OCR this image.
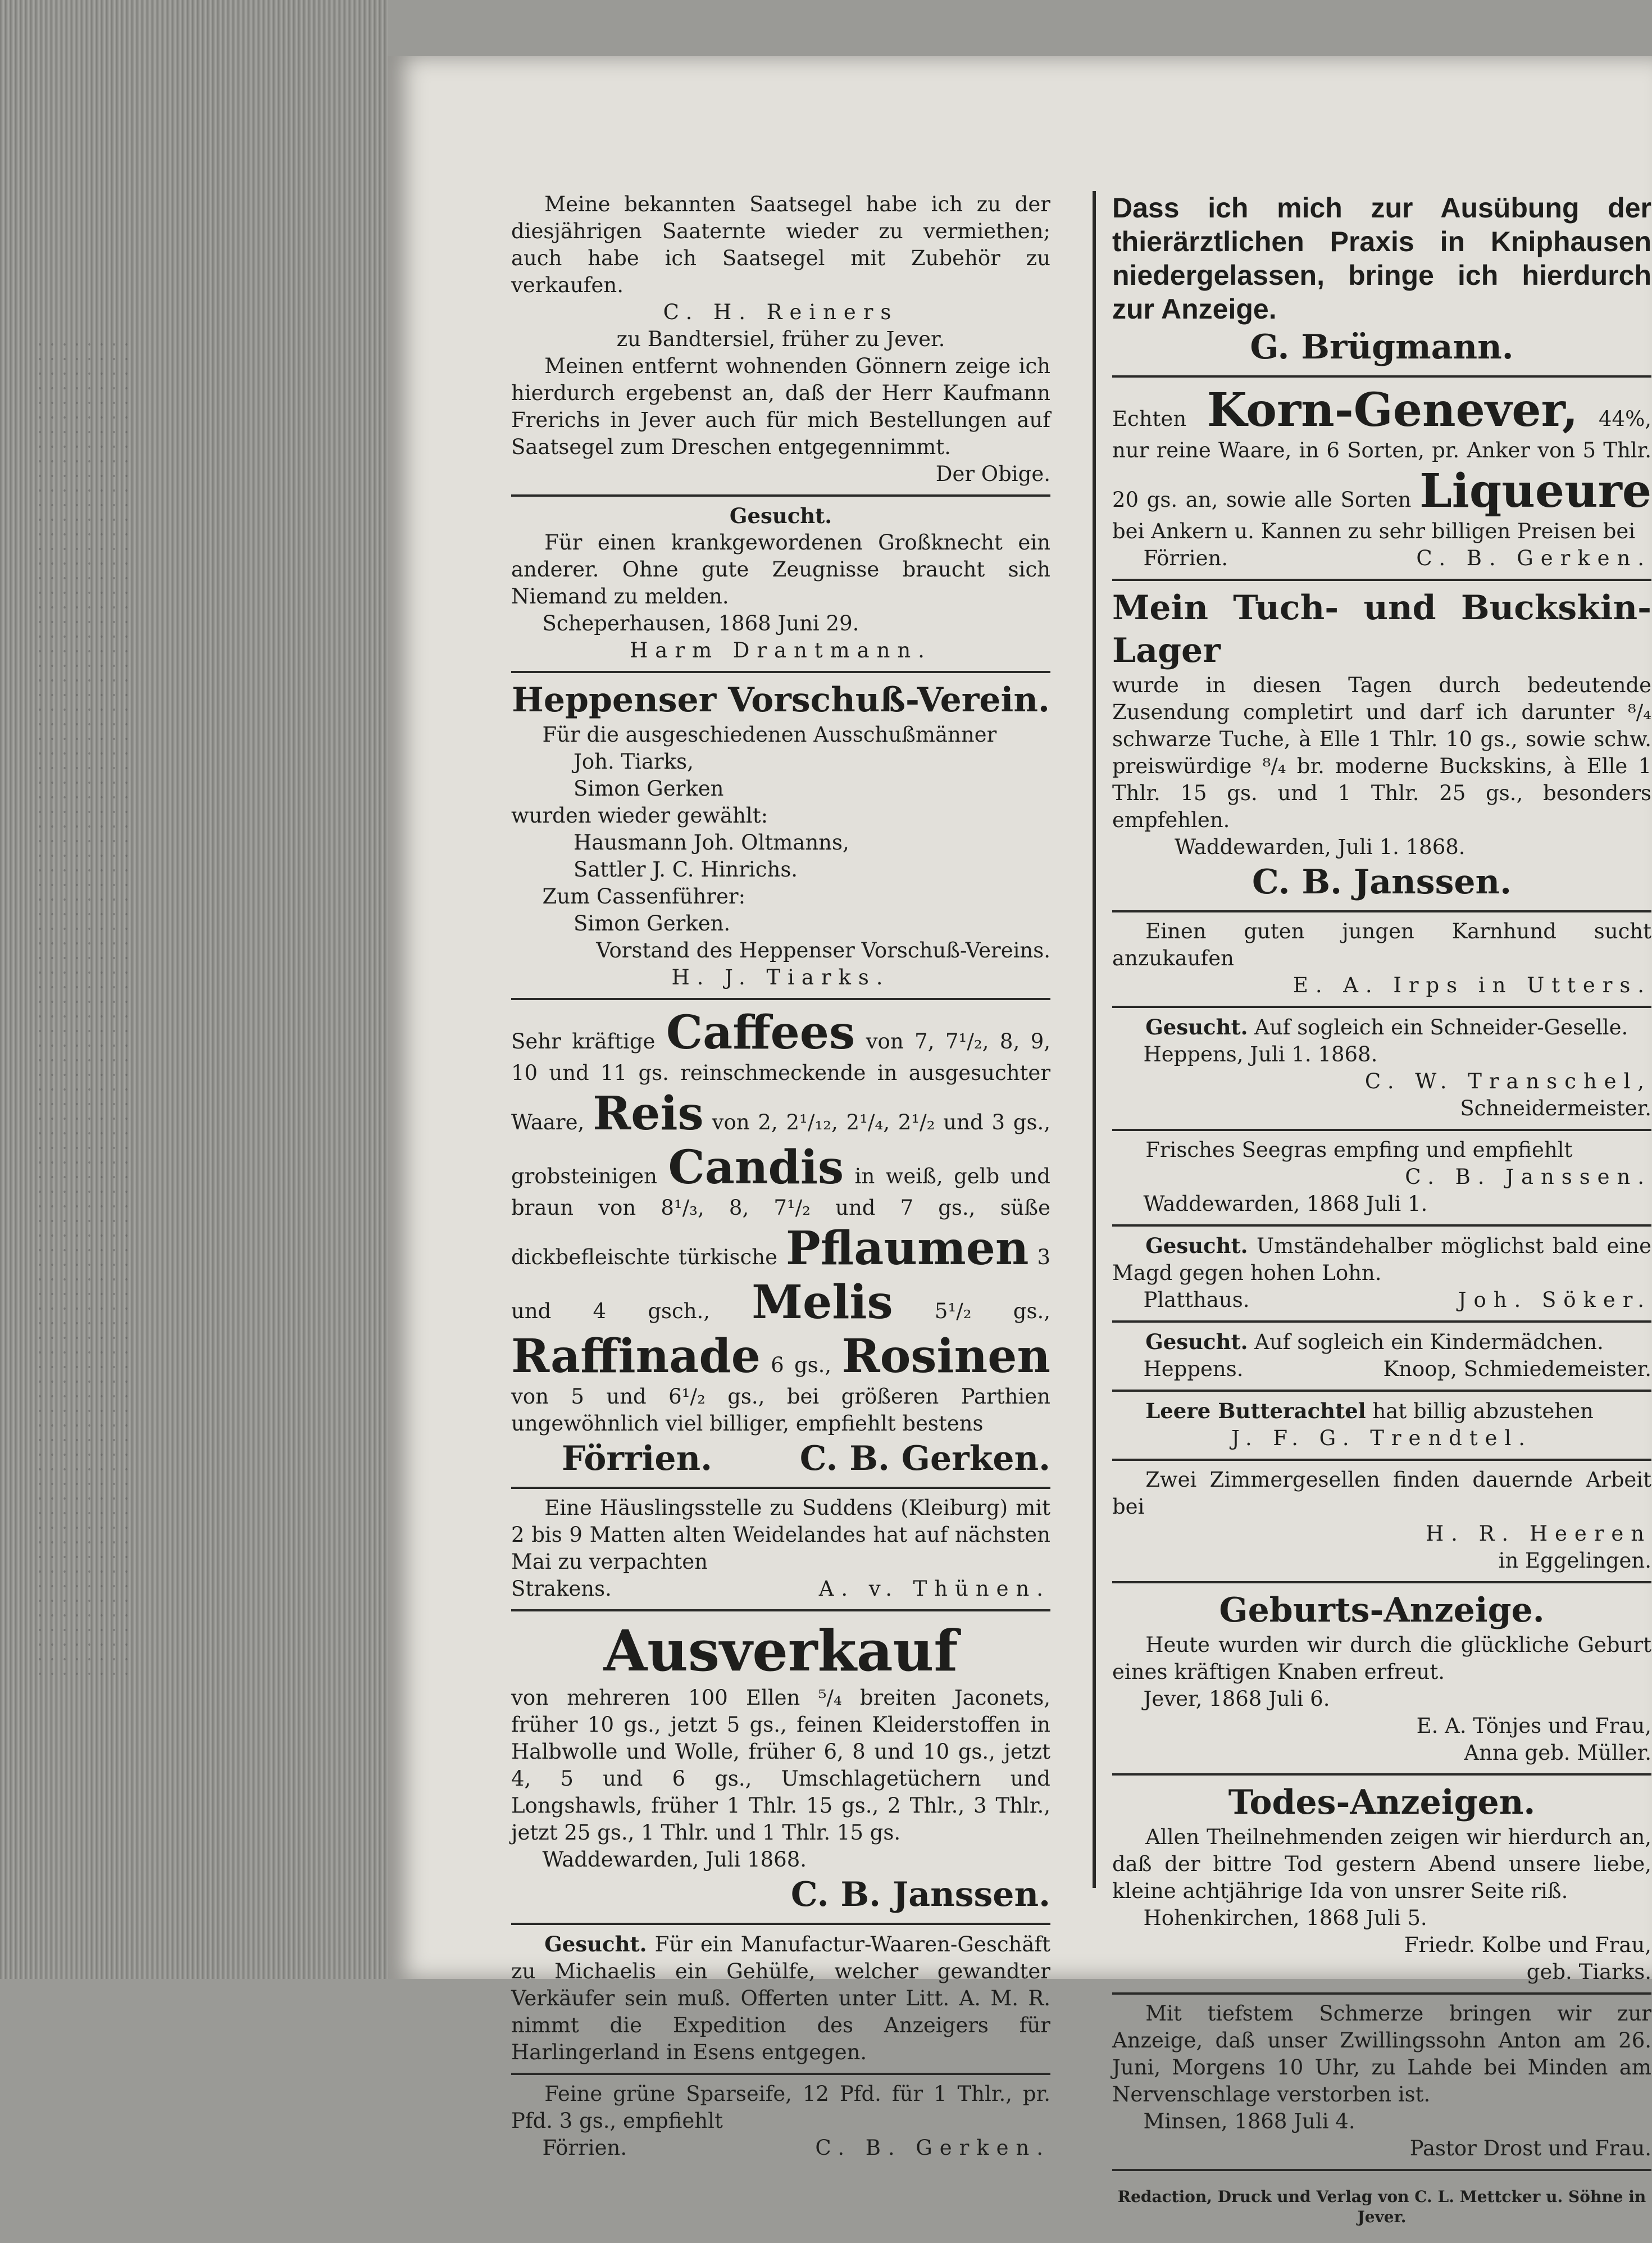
Meine bekannten Saatsegel habe ich zu der diesjährigen Saaternte wieder zu vermiethen; auch habe ich Saatsegel mit Zubehör zu verkaufen.

C. H. Reiners

zu Bandtersiel, früher zu Jever.

Meinen entfernt wohnenden Gönnern zeige ich hierdurch ergebenst an, daß der Herr Kaufmann Frerichs in Jever auch für mich Bestellungen auf Saatsegel zum Dreschen entgegennimmt.

Der Obige.

Gesucht.

Für einen krankgewordenen Großknecht ein anderer. Ohne gute Zeugnisse braucht sich Niemand zu melden.

Scheperhausen, 1868 Juni 29.

Harm Drantmann.

Heppenser Vorschuß-Verein.

Für die ausgeschiedenen Ausschußmänner

Joh. Tiarks,

Simon Gerken

wurden wieder gewählt:

Hausmann Joh. Oltmanns,

Sattler J. C. Hinrichs.

Zum Cassenführer:

Simon Gerken.

Vorstand des Heppenser Vorschuß-Vereins.

H. J. Tiarks.

Sehr kräftige Caffees von 7, 7¹/₂, 8, 9, 10 und 11 gs. reinschmeckende in ausgesuchter Waare, Reis von 2, 2¹/₁₂, 2¹/₄, 2¹/₂ und 3 gs., grobsteinigen Candis in weiß, gelb und braun von 8¹/₃, 8, 7¹/₂ und 7 gs., süße dickbefleischte türkische Pflaumen 3 und 4 gsch., Melis 5¹/₂ gs., Raffinade 6 gs., Rosinen von 5 und 6¹/₂ gs., bei größeren Parthien ungewöhnlich viel billiger, empfiehlt bestens

Förrien.	C. B. Gerken.

Eine Häuslingsstelle zu Suddens (Kleiburg) mit 2 bis 9 Matten alten Weidelandes hat auf nächsten Mai zu verpachten

Strakens.	A. v. Thünen.

Ausverkauf

von mehreren 100 Ellen ⁵/₄ breiten Jaconets, früher 10 gs., jetzt 5 gs., feinen Kleiderstoffen in Halbwolle und Wolle, früher 6, 8 und 10 gs., jetzt 4, 5 und 6 gs., Umschlagetüchern und Longshawls, früher 1 Thlr. 15 gs., 2 Thlr., 3 Thlr., jetzt 25 gs., 1 Thlr. und 1 Thlr. 15 gs.

Waddewarden, Juli 1868.

C. B. Janssen.

Gesucht. Für ein Manufactur-Waaren-Geschäft zu Michaelis ein Gehülfe, welcher gewandter Verkäufer sein muß. Offerten unter Litt. A. M. R. nimmt die Expedition des Anzeigers für Harlingerland in Esens entgegen.

Feine grüne Sparseife, 12 Pfd. für 1 Thlr., pr. Pfd. 3 gs., empfiehlt

Förrien.	C. B. Gerken.

Dass ich mich zur Ausübung der thierärztlichen Praxis in Kniphausen niedergelassen, bringe ich hierdurch zur Anzeige.

G. Brügmann.

Echten Korn-Genever, 44%, nur reine Waare, in 6 Sorten, pr. Anker von 5 Thlr. 20 gs. an, sowie alle Sorten Liqueure bei Ankern u. Kannen zu sehr billigen Preisen bei

Förrien.	C. B. Gerken.

Mein Tuch- und Buckskin-Lager

wurde in diesen Tagen durch bedeutende Zusendung completirt und darf ich darunter ⁸/₄ schwarze Tuche, à Elle 1 Thlr. 10 gs., sowie schw. preiswürdige ⁸/₄ br. moderne Buckskins, à Elle 1 Thlr. 15 gs. und 1 Thlr. 25 gs., besonders empfehlen.

Waddewarden, Juli 1. 1868.

C. B. Janssen.

Einen guten jungen Karnhund sucht anzukaufen

E. A. Irps in Utters.

Gesucht. Auf sogleich ein Schneider-Geselle.

Heppens, Juli 1. 1868.

C. W. Transchel,

Schneidermeister.

Frisches Seegras empfing und empfiehlt

C. B. Janssen.

Waddewarden, 1868 Juli 1.

Gesucht. Umständehalber möglichst bald eine Magd gegen hohen Lohn.

Platthaus.	Joh. Söker.

Gesucht. Auf sogleich ein Kindermädchen.

Heppens.	Knoop, Schmiedemeister.

Leere Butterachtel hat billig abzustehen

J. F. G. Trendtel.

Zwei Zimmergesellen finden dauernde Arbeit bei

H. R. Heeren

in Eggelingen.

Geburts-Anzeige.

Heute wurden wir durch die glückliche Geburt eines kräftigen Knaben erfreut.

Jever, 1868 Juli 6.

E. A. Tönjes und Frau,

Anna geb. Müller.

Todes-Anzeigen.

Allen Theilnehmenden zeigen wir hierdurch an, daß der bittre Tod gestern Abend unsere liebe, kleine achtjährige Ida von unsrer Seite riß.

Hohenkirchen, 1868 Juli 5.

Friedr. Kolbe und Frau,

geb. Tiarks.

Mit tiefstem Schmerze bringen wir zur Anzeige, daß unser Zwillingssohn Anton am 26. Juni, Morgens 10 Uhr, zu Lahde bei Minden am Nervenschlage verstorben ist.

Minsen, 1868 Juli 4.

Pastor Drost und Frau.

Redaction, Druck und Verlag von C. L. Mettcker u. Söhne in Jever.
